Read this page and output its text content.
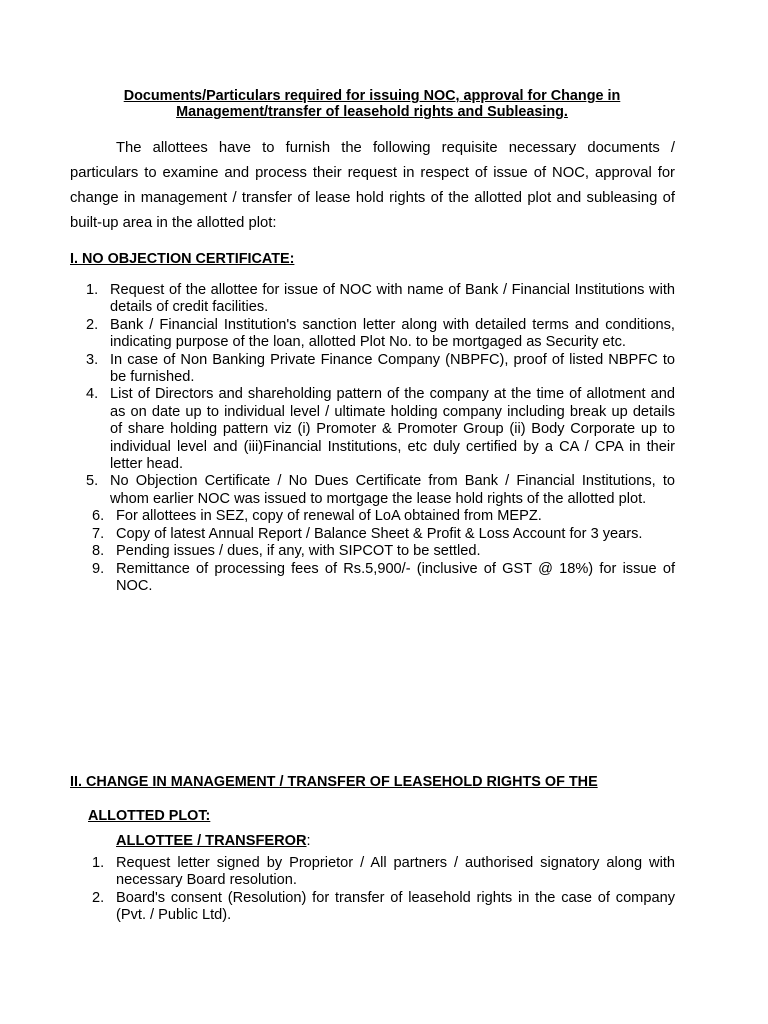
Documents/Particulars required for issuing NOC, approval for Change in
Management/transfer of leasehold rights and Subleasing.
The allottees have to furnish the following requisite necessary documents / particulars to examine and process their request in respect of issue of NOC, approval for change in management / transfer of lease hold rights of the allotted plot and subleasing of built-up area in the allotted plot:
I. NO OBJECTION CERTIFICATE:
1. Request of the allottee for issue of NOC with name of Bank / Financial Institutions with details of credit facilities.
2. Bank / Financial Institution's sanction letter along with detailed terms and conditions, indicating purpose of the loan, allotted Plot No. to be mortgaged as Security etc.
3. In case of Non Banking Private Finance Company (NBPFC), proof of listed NBPFC to be furnished.
4. List of Directors and shareholding pattern of the company at the time of allotment and as on date up to individual level / ultimate holding company including break up details of share holding pattern viz (i) Promoter & Promoter Group (ii) Body Corporate up to individual level and (iii)Financial Institutions, etc duly certified by a CA / CPA in their letter head.
5. No Objection Certificate / No Dues Certificate from Bank / Financial Institutions, to whom earlier NOC was issued to mortgage the lease hold rights of the allotted plot.
6. For allottees in SEZ, copy of renewal of LoA obtained from MEPZ.
7. Copy of latest Annual Report / Balance Sheet & Profit & Loss Account for 3 years.
8. Pending issues / dues, if any, with SIPCOT to be settled.
9. Remittance of processing fees of Rs.5,900/- (inclusive of GST @ 18%) for issue of NOC.
II. CHANGE IN MANAGEMENT / TRANSFER OF LEASEHOLD RIGHTS OF THE
ALLOTTED PLOT:
ALLOTTEE / TRANSFEROR:
1. Request letter signed by Proprietor / All partners / authorised signatory along with necessary Board resolution.
2. Board's consent (Resolution) for transfer of leasehold rights in the case of company (Pvt. / Public Ltd).
